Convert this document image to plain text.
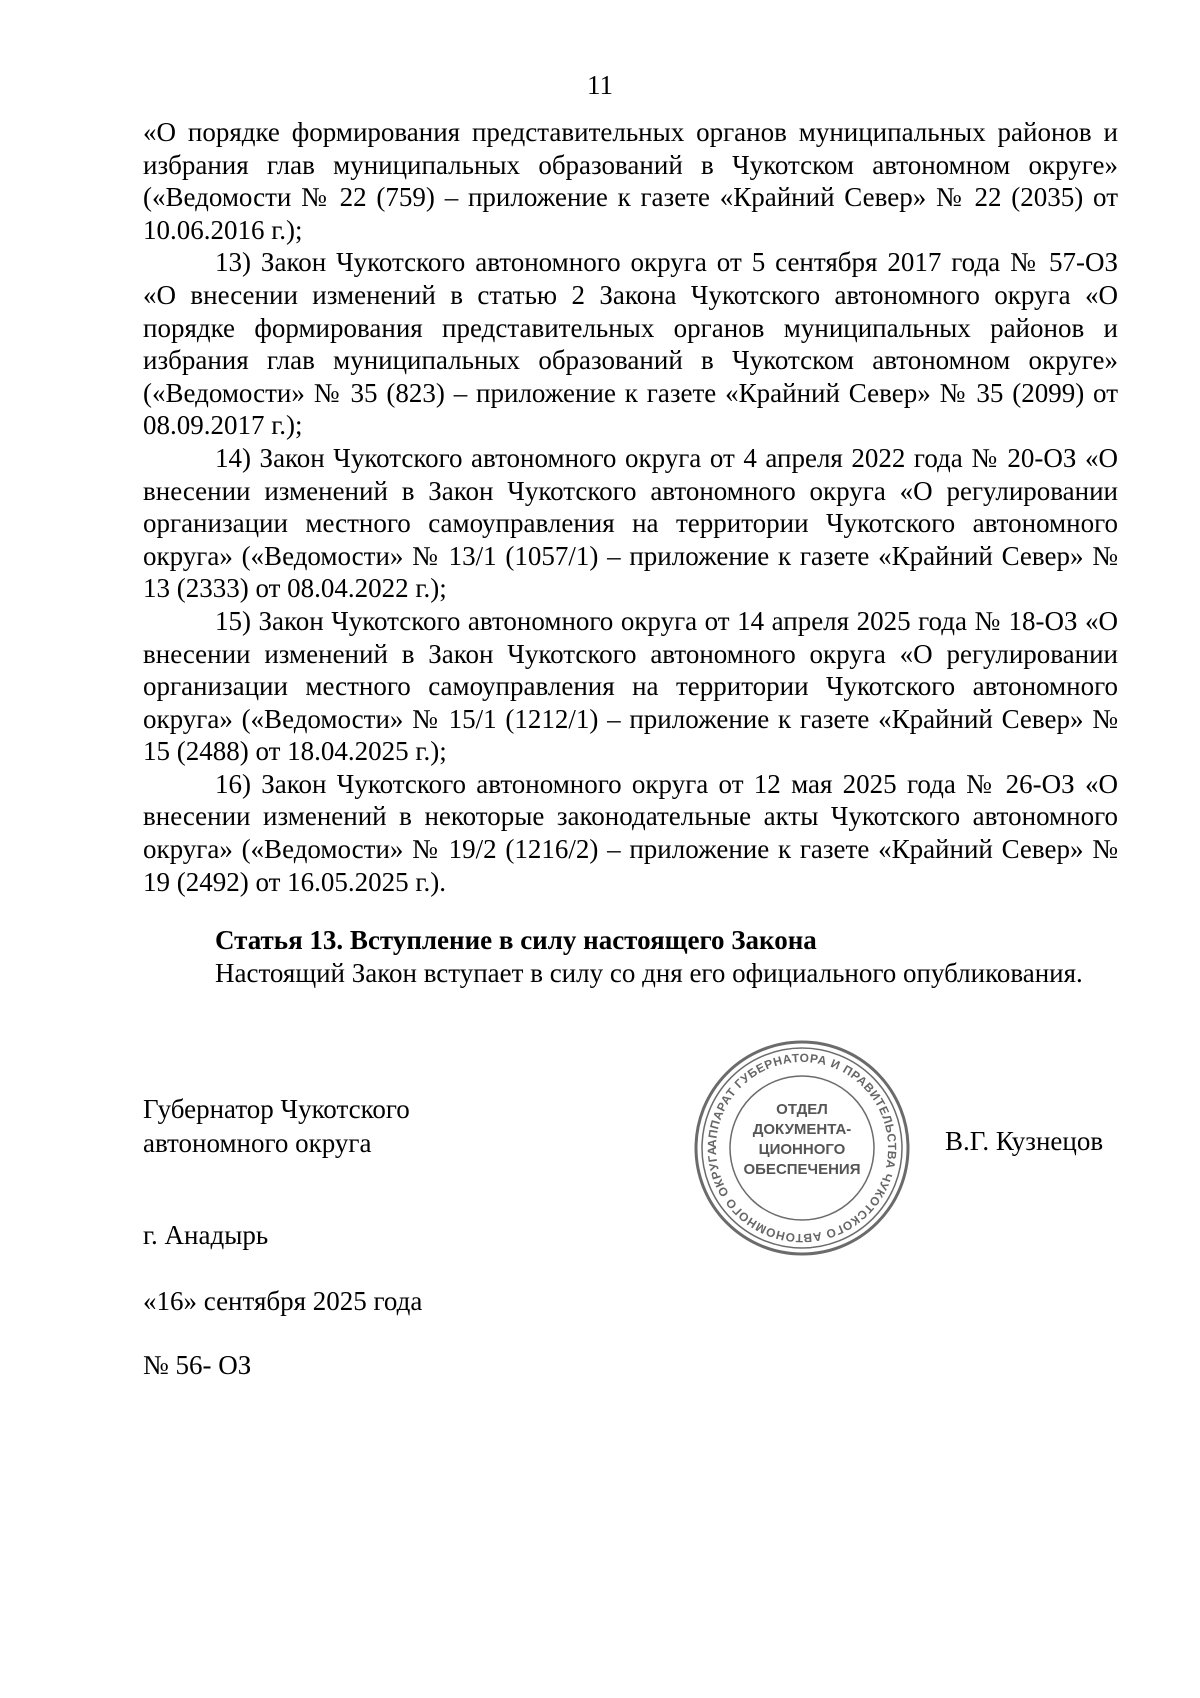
11

«О порядке формирования представительных органов муниципальных районов и избрания глав муниципальных образований в Чукотском автономном округе» («Ведомости № 22 (759) – приложение к газете «Крайний Север» № 22 (2035) от 10.06.2016 г.);

13) Закон Чукотского автономного округа от 5 сентября 2017 года № 57-ОЗ «О внесении изменений в статью 2 Закона Чукотского автономного округа «О порядке формирования представительных органов муниципальных районов и избрания глав муниципальных образований в Чукотском автономном округе» («Ведомости» № 35 (823) – приложение к газете «Крайний Север» № 35 (2099) от 08.09.2017 г.);

14) Закон Чукотского автономного округа от 4 апреля 2022 года № 20-ОЗ «О внесении изменений в Закон Чукотского автономного округа «О регулировании организации местного самоуправления на территории Чукотского автономного округа» («Ведомости» № 13/1 (1057/1) – приложение к газете «Крайний Север» № 13 (2333) от 08.04.2022 г.);

15) Закон Чукотского автономного округа от 14 апреля 2025 года № 18-ОЗ «О внесении изменений в Закон Чукотского автономного округа «О регулировании организации местного самоуправления на территории Чукотского автономного округа» («Ведомости» № 15/1 (1212/1) – приложение к газете «Крайний Север» № 15 (2488) от 18.04.2025 г.);

16) Закон Чукотского автономного округа от 12 мая 2025 года № 26-ОЗ «О внесении изменений в некоторые законодательные акты Чукотского автономного округа» («Ведомости» № 19/2 (1216/2) – приложение к газете «Крайний Север» № 19 (2492) от 16.05.2025 г.).

Статья 13. Вступление в силу настоящего Закона

Настоящий Закон вступает в силу со дня его официального опубликования.

Губернатор Чукотского
автономного округа	АППАРАТ ГУБЕРНАТОРА И ПРАВИТЕЛЬСТВА ЧУКОТСКОГО АВТОНОМНОГО ОКРУГА
ОТДЕЛ
ДОКУМЕНТА-
ЦИОННОГО
ОБЕСПЕЧЕНИЯ
В.Г. Кузнецов
г. Анадырь
«16» сентября 2025 года
№ 56- ОЗ
